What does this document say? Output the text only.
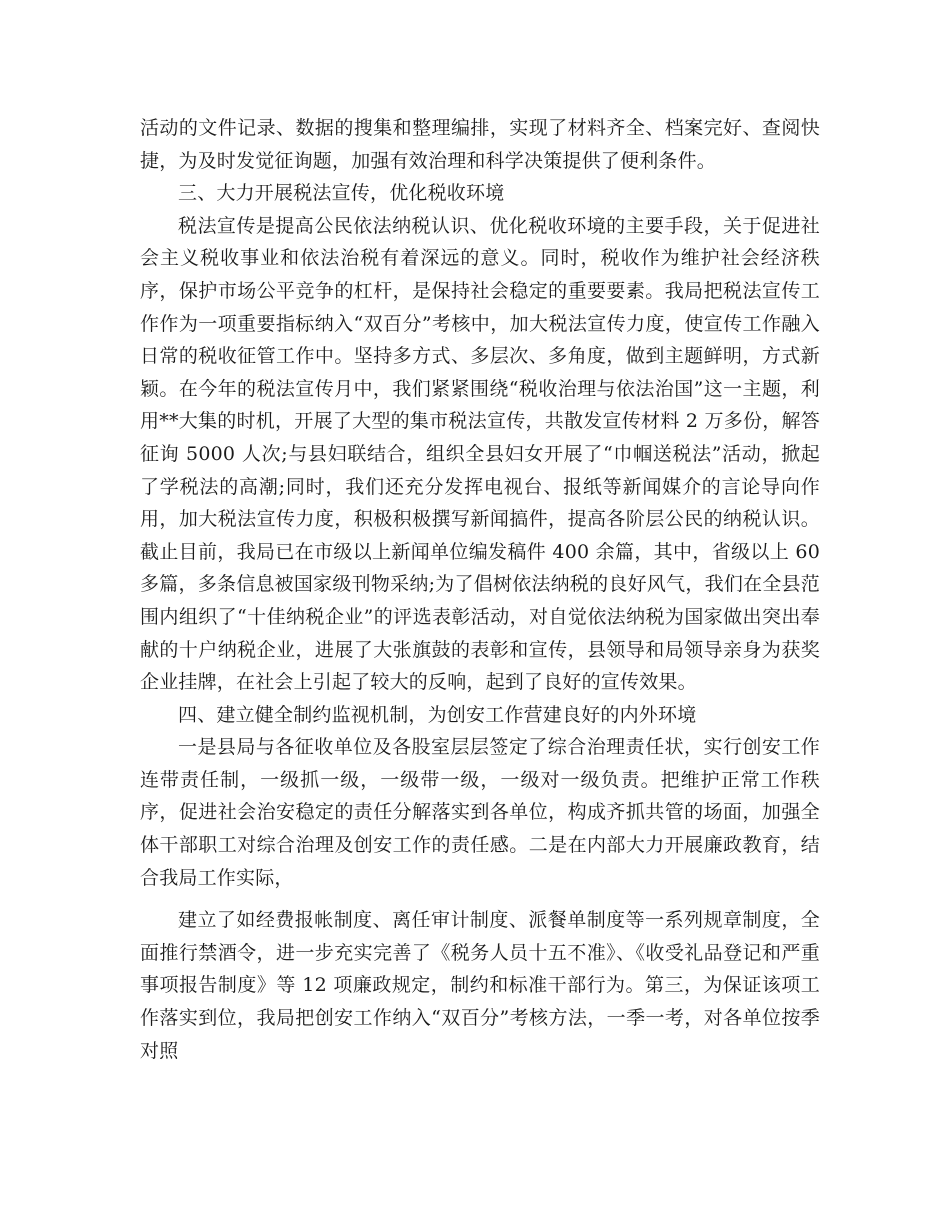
活动的文件记录、数据的搜集和整理编排，实现了材料齐全、档案完好、查阅快捷，为及时发觉征询题，加强有效治理和科学决策提供了便利条件。

三、大力开展税法宣传，优化税收环境

税法宣传是提高公民依法纳税认识、优化税收环境的主要手段，关于促进社会主义税收事业和依法治税有着深远的意义。同时，税收作为维护社会经济秩序，保护市场公平竞争的杠杆，是保持社会稳定的重要要素。我局把税法宣传工作作为一项重要指标纳入“双百分”考核中，加大税法宣传力度，使宣传工作融入日常的税收征管工作中。坚持多方式、多层次、多角度，做到主题鲜明，方式新颖。在今年的税法宣传月中，我们紧紧围绕“税收治理与依法治国”这一主题，利用**大集的时机，开展了大型的集市税法宣传，共散发宣传材料 2 万多份，解答征询 5000 人次;与县妇联结合，组织全县妇女开展了“巾帼送税法”活动，掀起了学税法的高潮;同时，我们还充分发挥电视台、报纸等新闻媒介的言论导向作用，加大税法宣传力度，积极积极撰写新闻搞件，提高各阶层公民的纳税认识。截止目前，我局已在市级以上新闻单位编发稿件 400 余篇，其中，省级以上 60 多篇，多条信息被国家级刊物采纳;为了倡树依法纳税的良好风气，我们在全县范围内组织了“十佳纳税企业”的评选表彰活动，对自觉依法纳税为国家做出突出奉献的十户纳税企业，进展了大张旗鼓的表彰和宣传，县领导和局领导亲身为获奖企业挂牌，在社会上引起了较大的反响，起到了良好的宣传效果。

四、建立健全制约监视机制，为创安工作营建良好的内外环境

一是县局与各征收单位及各股室层层签定了综合治理责任状，实行创安工作连带责任制，一级抓一级，一级带一级，一级对一级负责。把维护正常工作秩序，促进社会治安稳定的责任分解落实到各单位，构成齐抓共管的场面，加强全体干部职工对综合治理及创安工作的责任感。二是在内部大力开展廉政教育，结合我局工作实际，

建立了如经费报帐制度、离任审计制度、派餐单制度等一系列规章制度，全面推行禁酒令，进一步充实完善了《税务人员十五不准》、《收受礼品登记和严重事项报告制度》等 12 项廉政规定，制约和标准干部行为。第三，为保证该项工作落实到位，我局把创安工作纳入“双百分”考核方法，一季一考，对各单位按季对照
